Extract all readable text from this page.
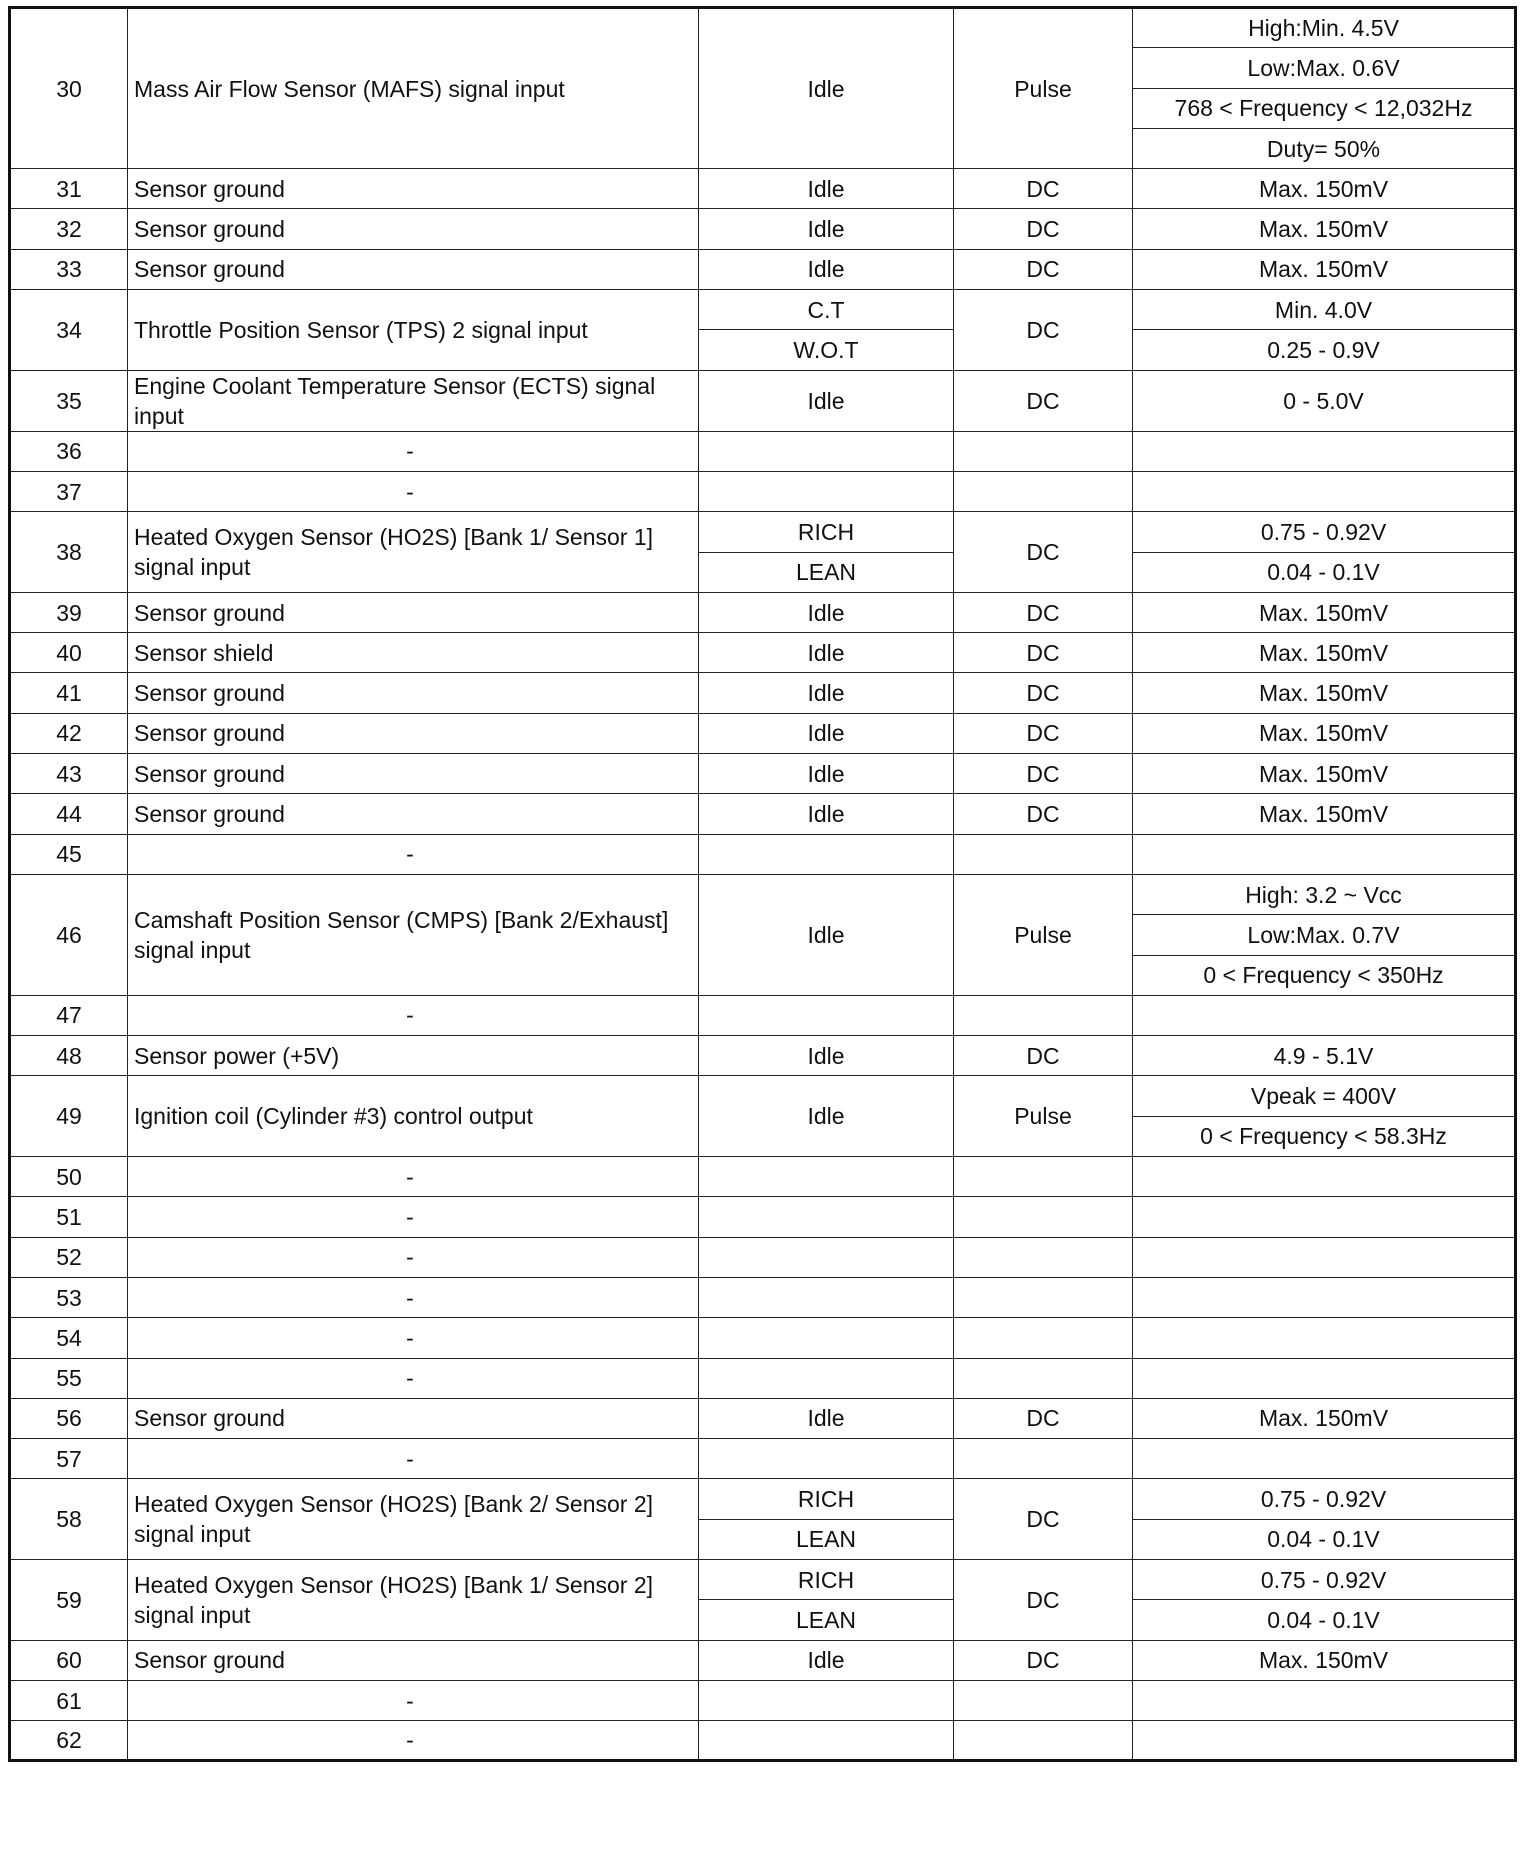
30	Mass Air Flow Sensor (MAFS) signal input	Idle	Pulse	High:Min. 4.5V
				Low:Max. 0.6V
				768 < Frequency < 12,032Hz
				Duty= 50%
31	Sensor ground	Idle	DC	Max. 150mV
32	Sensor ground	Idle	DC	Max. 150mV
33	Sensor ground	Idle	DC	Max. 150mV
34	Throttle Position Sensor (TPS) 2 signal input	C.T	DC	Min. 4.0V
		W.O.T		0.25 - 0.9V
35	Engine Coolant Temperature Sensor (ECTS) signal input	Idle	DC	0 - 5.0V
36	-			
37	-			
38	Heated Oxygen Sensor (HO2S) [Bank 1/ Sensor 1] signal input	RICH	DC	0.75 - 0.92V
		LEAN		0.04 - 0.1V
39	Sensor ground	Idle	DC	Max. 150mV
40	Sensor shield	Idle	DC	Max. 150mV
41	Sensor ground	Idle	DC	Max. 150mV
42	Sensor ground	Idle	DC	Max. 150mV
43	Sensor ground	Idle	DC	Max. 150mV
44	Sensor ground	Idle	DC	Max. 150mV
45	-			
46	Camshaft Position Sensor (CMPS) [Bank 2/Exhaust] signal input	Idle	Pulse	High: 3.2 ~ Vcc
				Low:Max. 0.7V
				0 < Frequency < 350Hz
47	-			
48	Sensor power (+5V)	Idle	DC	4.9 - 5.1V
49	Ignition coil (Cylinder #3) control output	Idle	Pulse	Vpeak = 400V
				0 < Frequency < 58.3Hz
50	-			
51	-			
52	-			
53	-			
54	-			
55	-			
56	Sensor ground	Idle	DC	Max. 150mV
57	-			
58	Heated Oxygen Sensor (HO2S) [Bank 2/ Sensor 2] signal input	RICH	DC	0.75 - 0.92V
		LEAN		0.04 - 0.1V
59	Heated Oxygen Sensor (HO2S) [Bank 1/ Sensor 2] signal input	RICH	DC	0.75 - 0.92V
		LEAN		0.04 - 0.1V
60	Sensor ground	Idle	DC	Max. 150mV
61	-			
62	-			
